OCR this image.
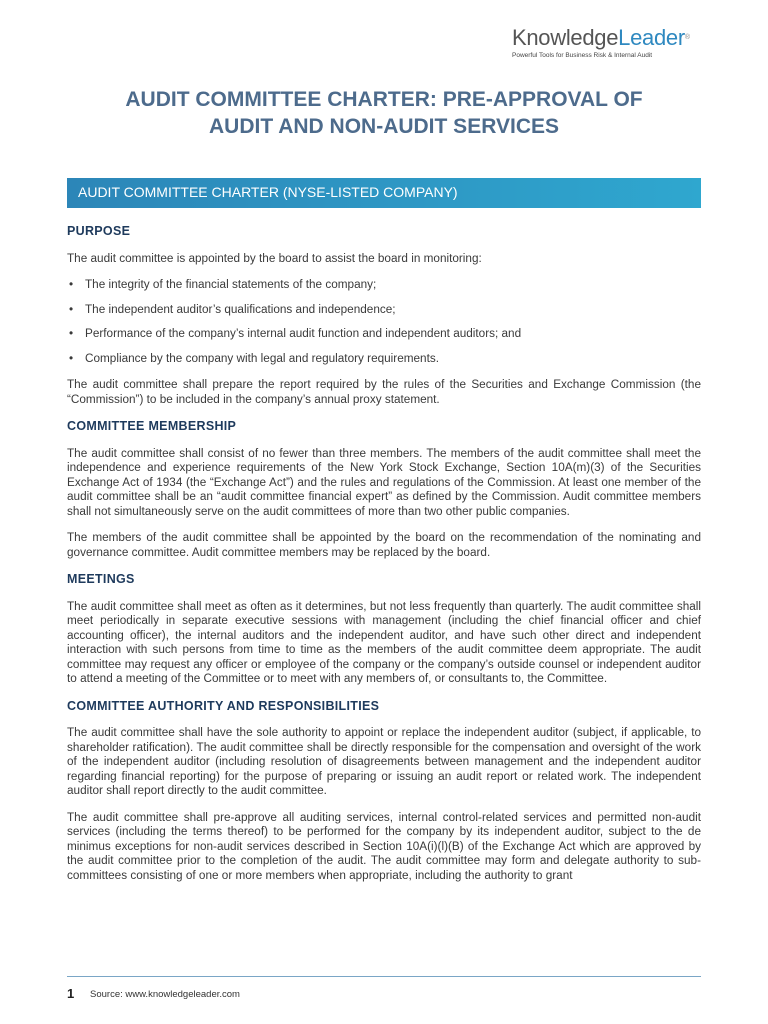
KnowledgeLeader®
Powerful Tools for Business Risk & Internal Audit
AUDIT COMMITTEE CHARTER: PRE-APPROVAL OF
AUDIT AND NON-AUDIT SERVICES
AUDIT COMMITTEE CHARTER (NYSE-LISTED COMPANY)
PURPOSE

The audit committee is appointed by the board to assist the board in monitoring:

• The integrity of the financial statements of the company;
• The independent auditor’s qualifications and independence;
• Performance of the company’s internal audit function and independent auditors; and
• Compliance by the company with legal and regulatory requirements.

The audit committee shall prepare the report required by the rules of the Securities and Exchange Commission (the “Commission”) to be included in the company’s annual proxy statement.

COMMITTEE MEMBERSHIP

The audit committee shall consist of no fewer than three members. The members of the audit committee shall meet the independence and experience requirements of the New York Stock Exchange, Section 10A(m)(3) of the Securities Exchange Act of 1934 (the “Exchange Act”) and the rules and regulations of the Commission. At least one member of the audit committee shall be an “audit committee financial expert” as defined by the Commission. Audit committee members shall not simultaneously serve on the audit committees of more than two other public companies.

The members of the audit committee shall be appointed by the board on the recommendation of the nominating and governance committee. Audit committee members may be replaced by the board.

MEETINGS

The audit committee shall meet as often as it determines, but not less frequently than quarterly. The audit committee shall meet periodically in separate executive sessions with management (including the chief financial officer and chief accounting officer), the internal auditors and the independent auditor, and have such other direct and independent interaction with such persons from time to time as the members of the audit committee deem appropriate. The audit committee may request any officer or employee of the company or the company’s outside counsel or independent auditor to attend a meeting of the Committee or to meet with any members of, or consultants to, the Committee.

COMMITTEE AUTHORITY AND RESPONSIBILITIES

The audit committee shall have the sole authority to appoint or replace the independent auditor (subject, if applicable, to shareholder ratification). The audit committee shall be directly responsible for the compensation and oversight of the work of the independent auditor (including resolution of disagreements between management and the independent auditor regarding financial reporting) for the purpose of preparing or issuing an audit report or related work. The independent auditor shall report directly to the audit committee.

The audit committee shall pre-approve all auditing services, internal control-related services and permitted non-audit services (including the terms thereof) to be performed for the company by its independent auditor, subject to the de minimus exceptions for non-audit services described in Section 10A(i)(l)(B) of the Exchange Act which are approved by the audit committee prior to the completion of the audit. The audit committee may form and delegate authority to sub-committees consisting of one or more members when appropriate, including the authority to grant

1 Source: www.knowledgeleader.com
